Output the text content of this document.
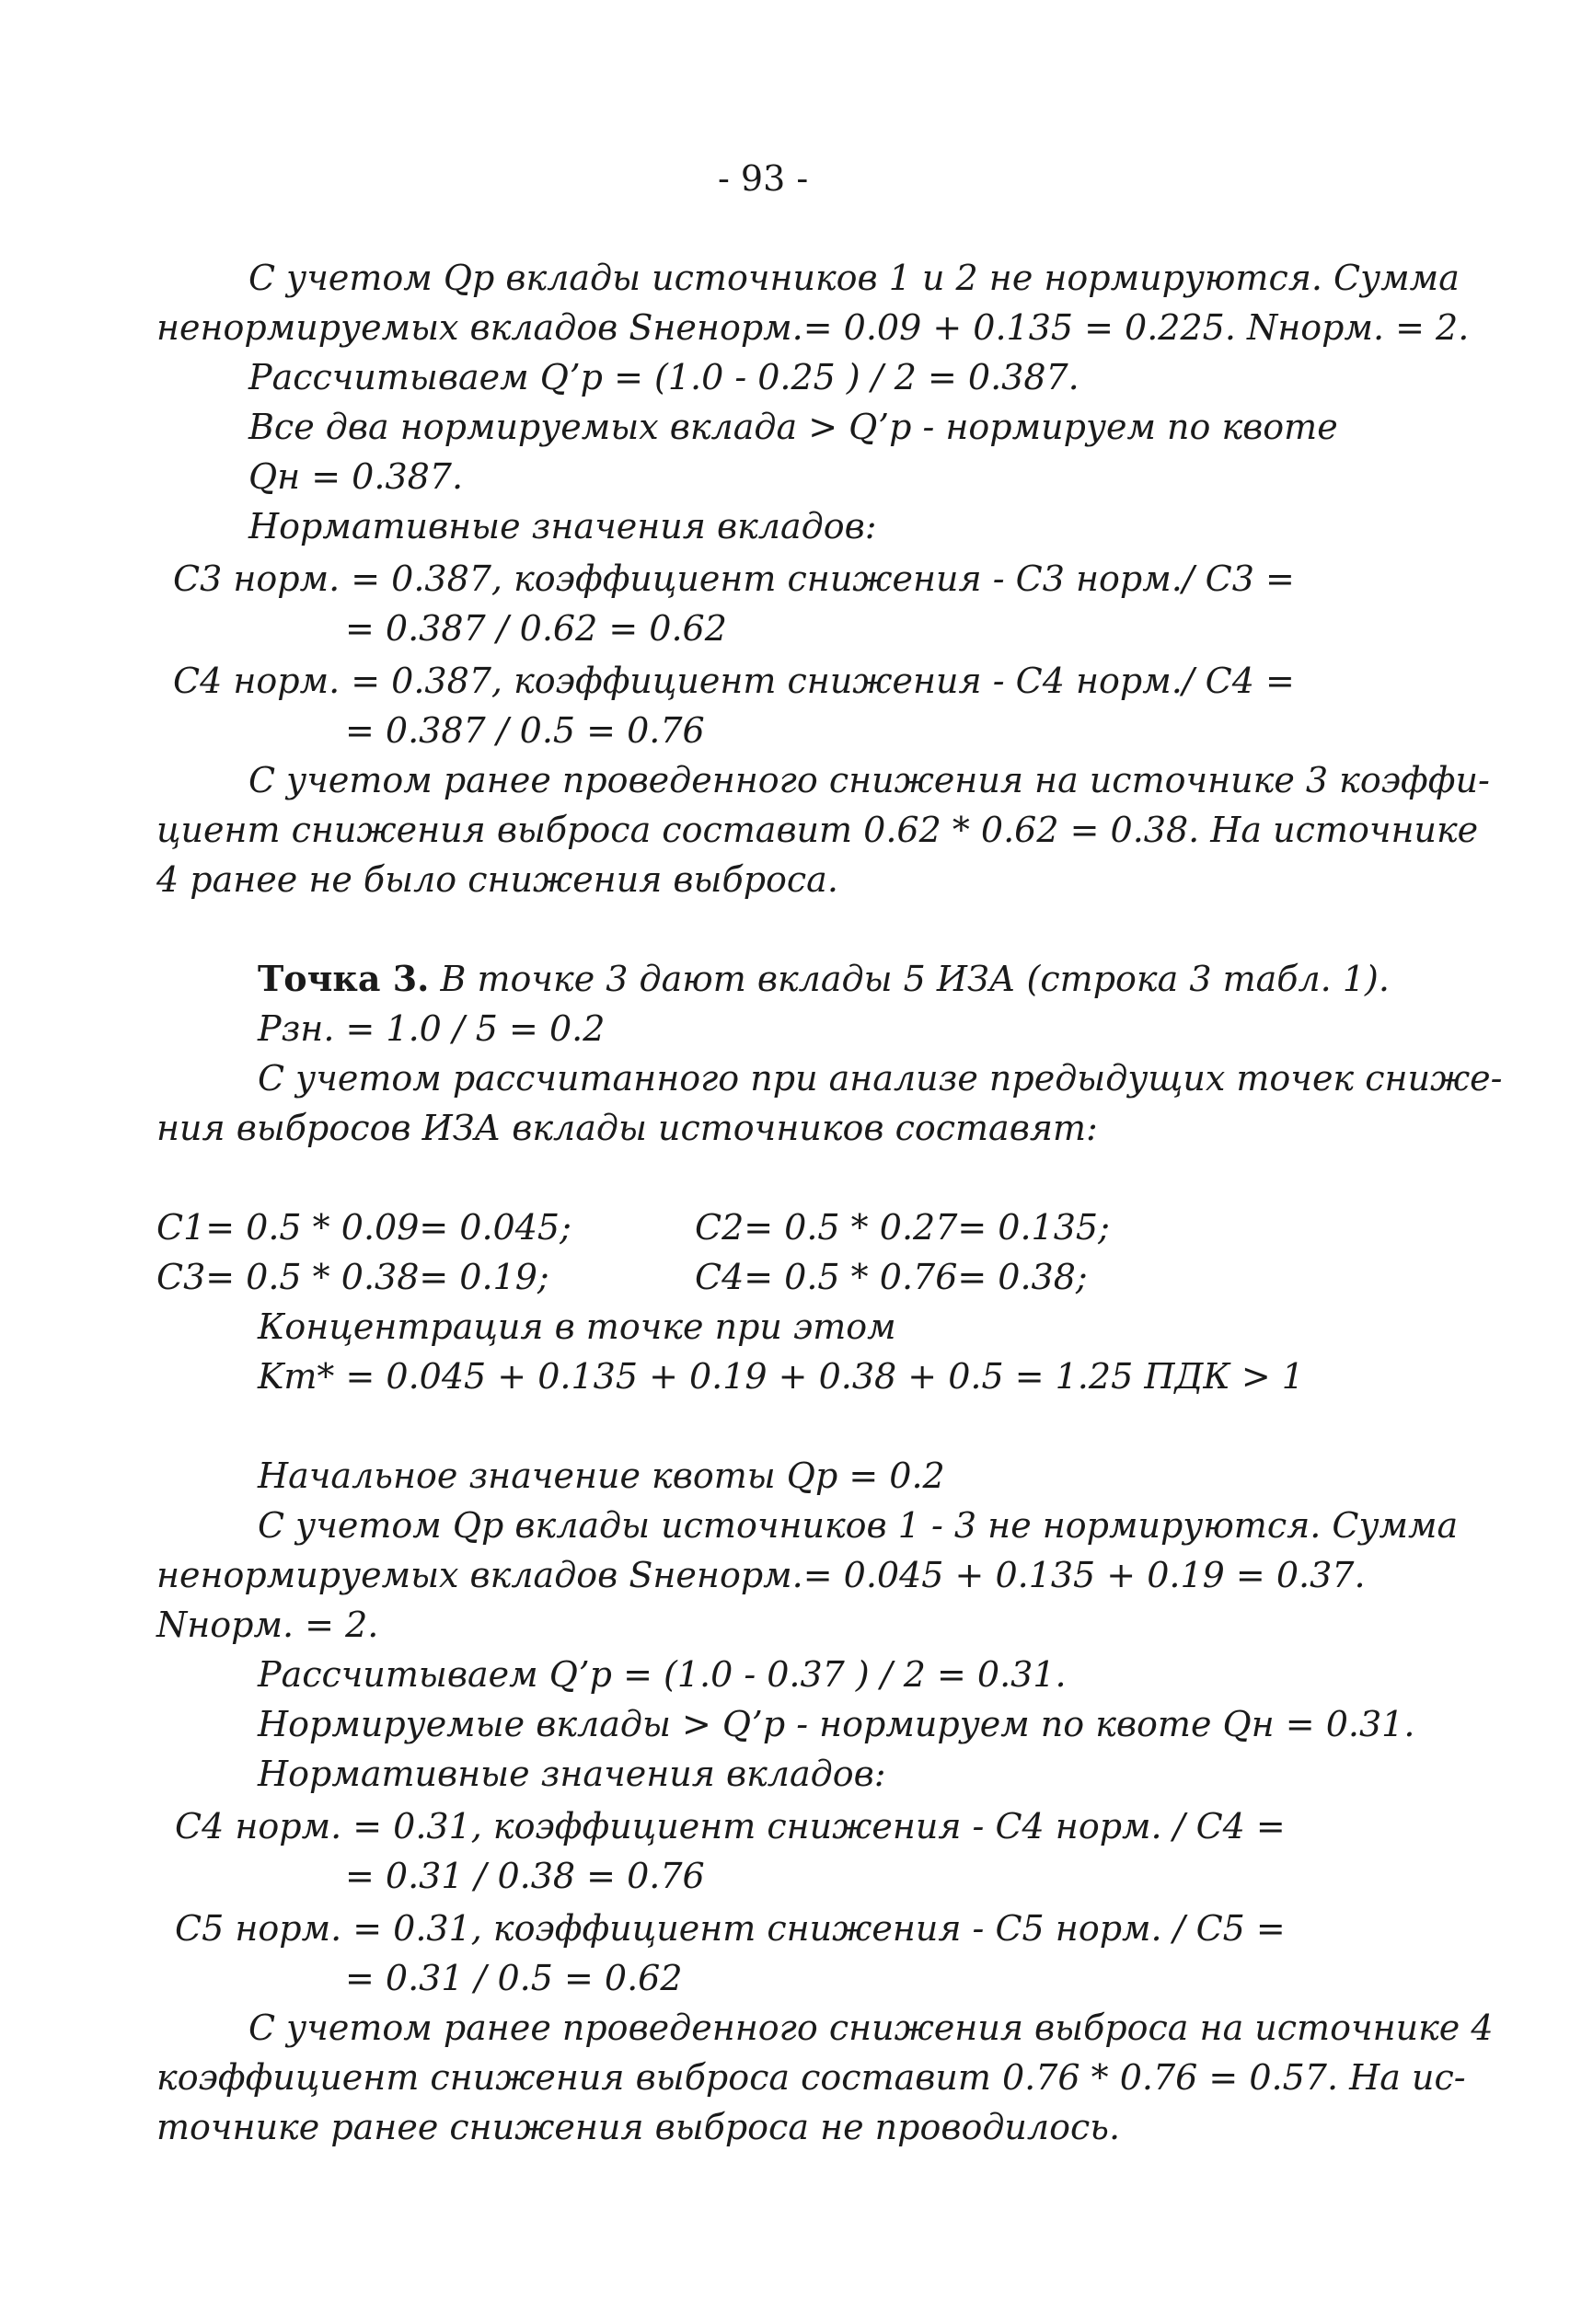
- 93 -
С учетом Qр вклады источников 1 и 2 не нормируются. Сумма
ненормируемых вкладов Sненорм.= 0.09 + 0.135 = 0.225. Nнорм. = 2.
Рассчитываем Q’р = (1.0 - 0.25 ) / 2 = 0.387.
Все два нормируемых вклада > Q’р - нормируем по квоте
Qн = 0.387.
Нормативные значения вкладов:
C3 норм. = 0.387, коэффициент снижения - С3 норм./ С3 =
= 0.387 / 0.62 = 0.62
C4 норм. = 0.387, коэффициент снижения - С4 норм./ С4 =
= 0.387 / 0.5 = 0.76
С учетом ранее проведенного снижения на источнике 3 коэффи-
циент снижения выброса составит 0.62 * 0.62 = 0.38. На источнике
4 ранее не было снижения выброса.
Точка 3. В точке 3 дают вклады 5 ИЗА (строка 3 табл. 1).
Pзн. = 1.0 / 5 = 0.2
С учетом рассчитанного при анализе предыдущих точек сниже-
ния выбросов ИЗА вклады источников составят:
C1= 0.5 * 0.09= 0.045;	C2= 0.5 * 0.27= 0.135;
C3= 0.5 * 0.38= 0.19;	C4= 0.5 * 0.76= 0.38;
Концентрация в точке при этом
Km* = 0.045 + 0.135 + 0.19 + 0.38 + 0.5 = 1.25 ПДК > 1
Начальное значение квоты Qр = 0.2
С учетом Qр вклады источников 1 - 3 не нормируются. Сумма
ненормируемых вкладов Sненорм.= 0.045 + 0.135 + 0.19 = 0.37.
Nнорм. = 2.
Рассчитываем Q’р = (1.0 - 0.37 ) / 2 = 0.31.
Нормируемые вклады > Q’р - нормируем по квоте Qн = 0.31.
Нормативные значения вкладов:
C4 норм. = 0.31, коэффициент снижения - С4 норм. / С4 =
= 0.31 / 0.38 = 0.76
C5 норм. = 0.31, коэффициент снижения - С5 норм. / С5 =
= 0.31 / 0.5 = 0.62
С учетом ранее проведенного снижения выброса на источнике 4
коэффициент снижения выброса составит 0.76 * 0.76 = 0.57. На ис-
точнике ранее снижения выброса не проводилось.
